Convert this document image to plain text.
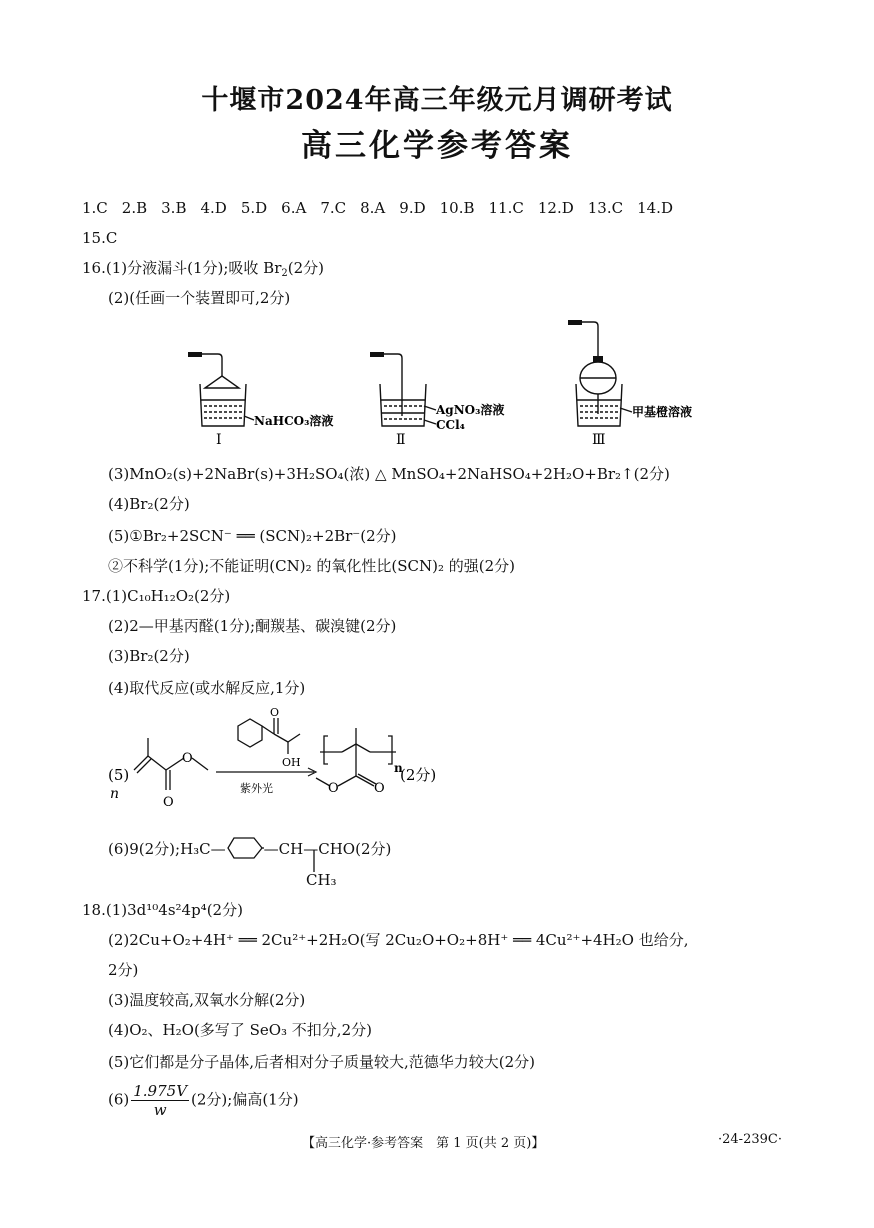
十堰市2024年高三年级元月调研考试
高三化学参考答案
1.C 2.B 3.B 4.D 5.D 6.A 7.C 8.A 9.D 10.B 11.C 12.D 13.C 14.D
15.C
16.(1)分液漏斗(1分);吸收 $Br_2(2$分)
(2)(任画一个装置即可,2分)
NaHCO₃溶液
Ⅰ
AgNO₃溶液
CCl₄
Ⅱ
甲基橙溶液
Ⅲ
(3)MnO₂(s)+2NaBr(s)+3H₂SO₄(浓) △ MnSO₄+2NaHSO₄+2H₂O+Br₂↑(2分)
(4)Br₂(2分)
(5)①Br₂+2SCN⁻ ══ (SCN)₂+2Br⁻(2分)
②不科学(1分);不能证明(CN)₂ 的氧化性比(SCN)₂ 的强(2分)
17.(1)C₁₀H₁₂O₂(2分)
(2)2—甲基丙醛(1分);酮羰基、碳溴键(2分)
(3)Br₂(2分)
(4)取代反应(或水解反应,1分)
(5)
n
O
O
O
OH
紫外光
n
O	O
(2分)
(6)9(2分);H₃C—	—CH—CHO(2分)
CH₃
18.(1)3d¹⁰4s²4p⁴(2分)
(2)2Cu+O₂+4H⁺ ══ 2Cu²⁺+2H₂O(写 2Cu₂O+O₂+8H⁺ ══ 4Cu²⁺+4H₂O 也给分,
2分)
(3)温度较高,双氧水分解(2分)
(4)O₂、H₂O(多写了 SeO₃ 不扣分,2分)
(5)它们都是分子晶体,后者相对分子质量较大,范德华力较大(2分)
$(6) \frac{1.975V}{w} (2$分);偏高(1分)
【高三化学·参考答案　第 1 页(共 2 页)】	·24-239C·
